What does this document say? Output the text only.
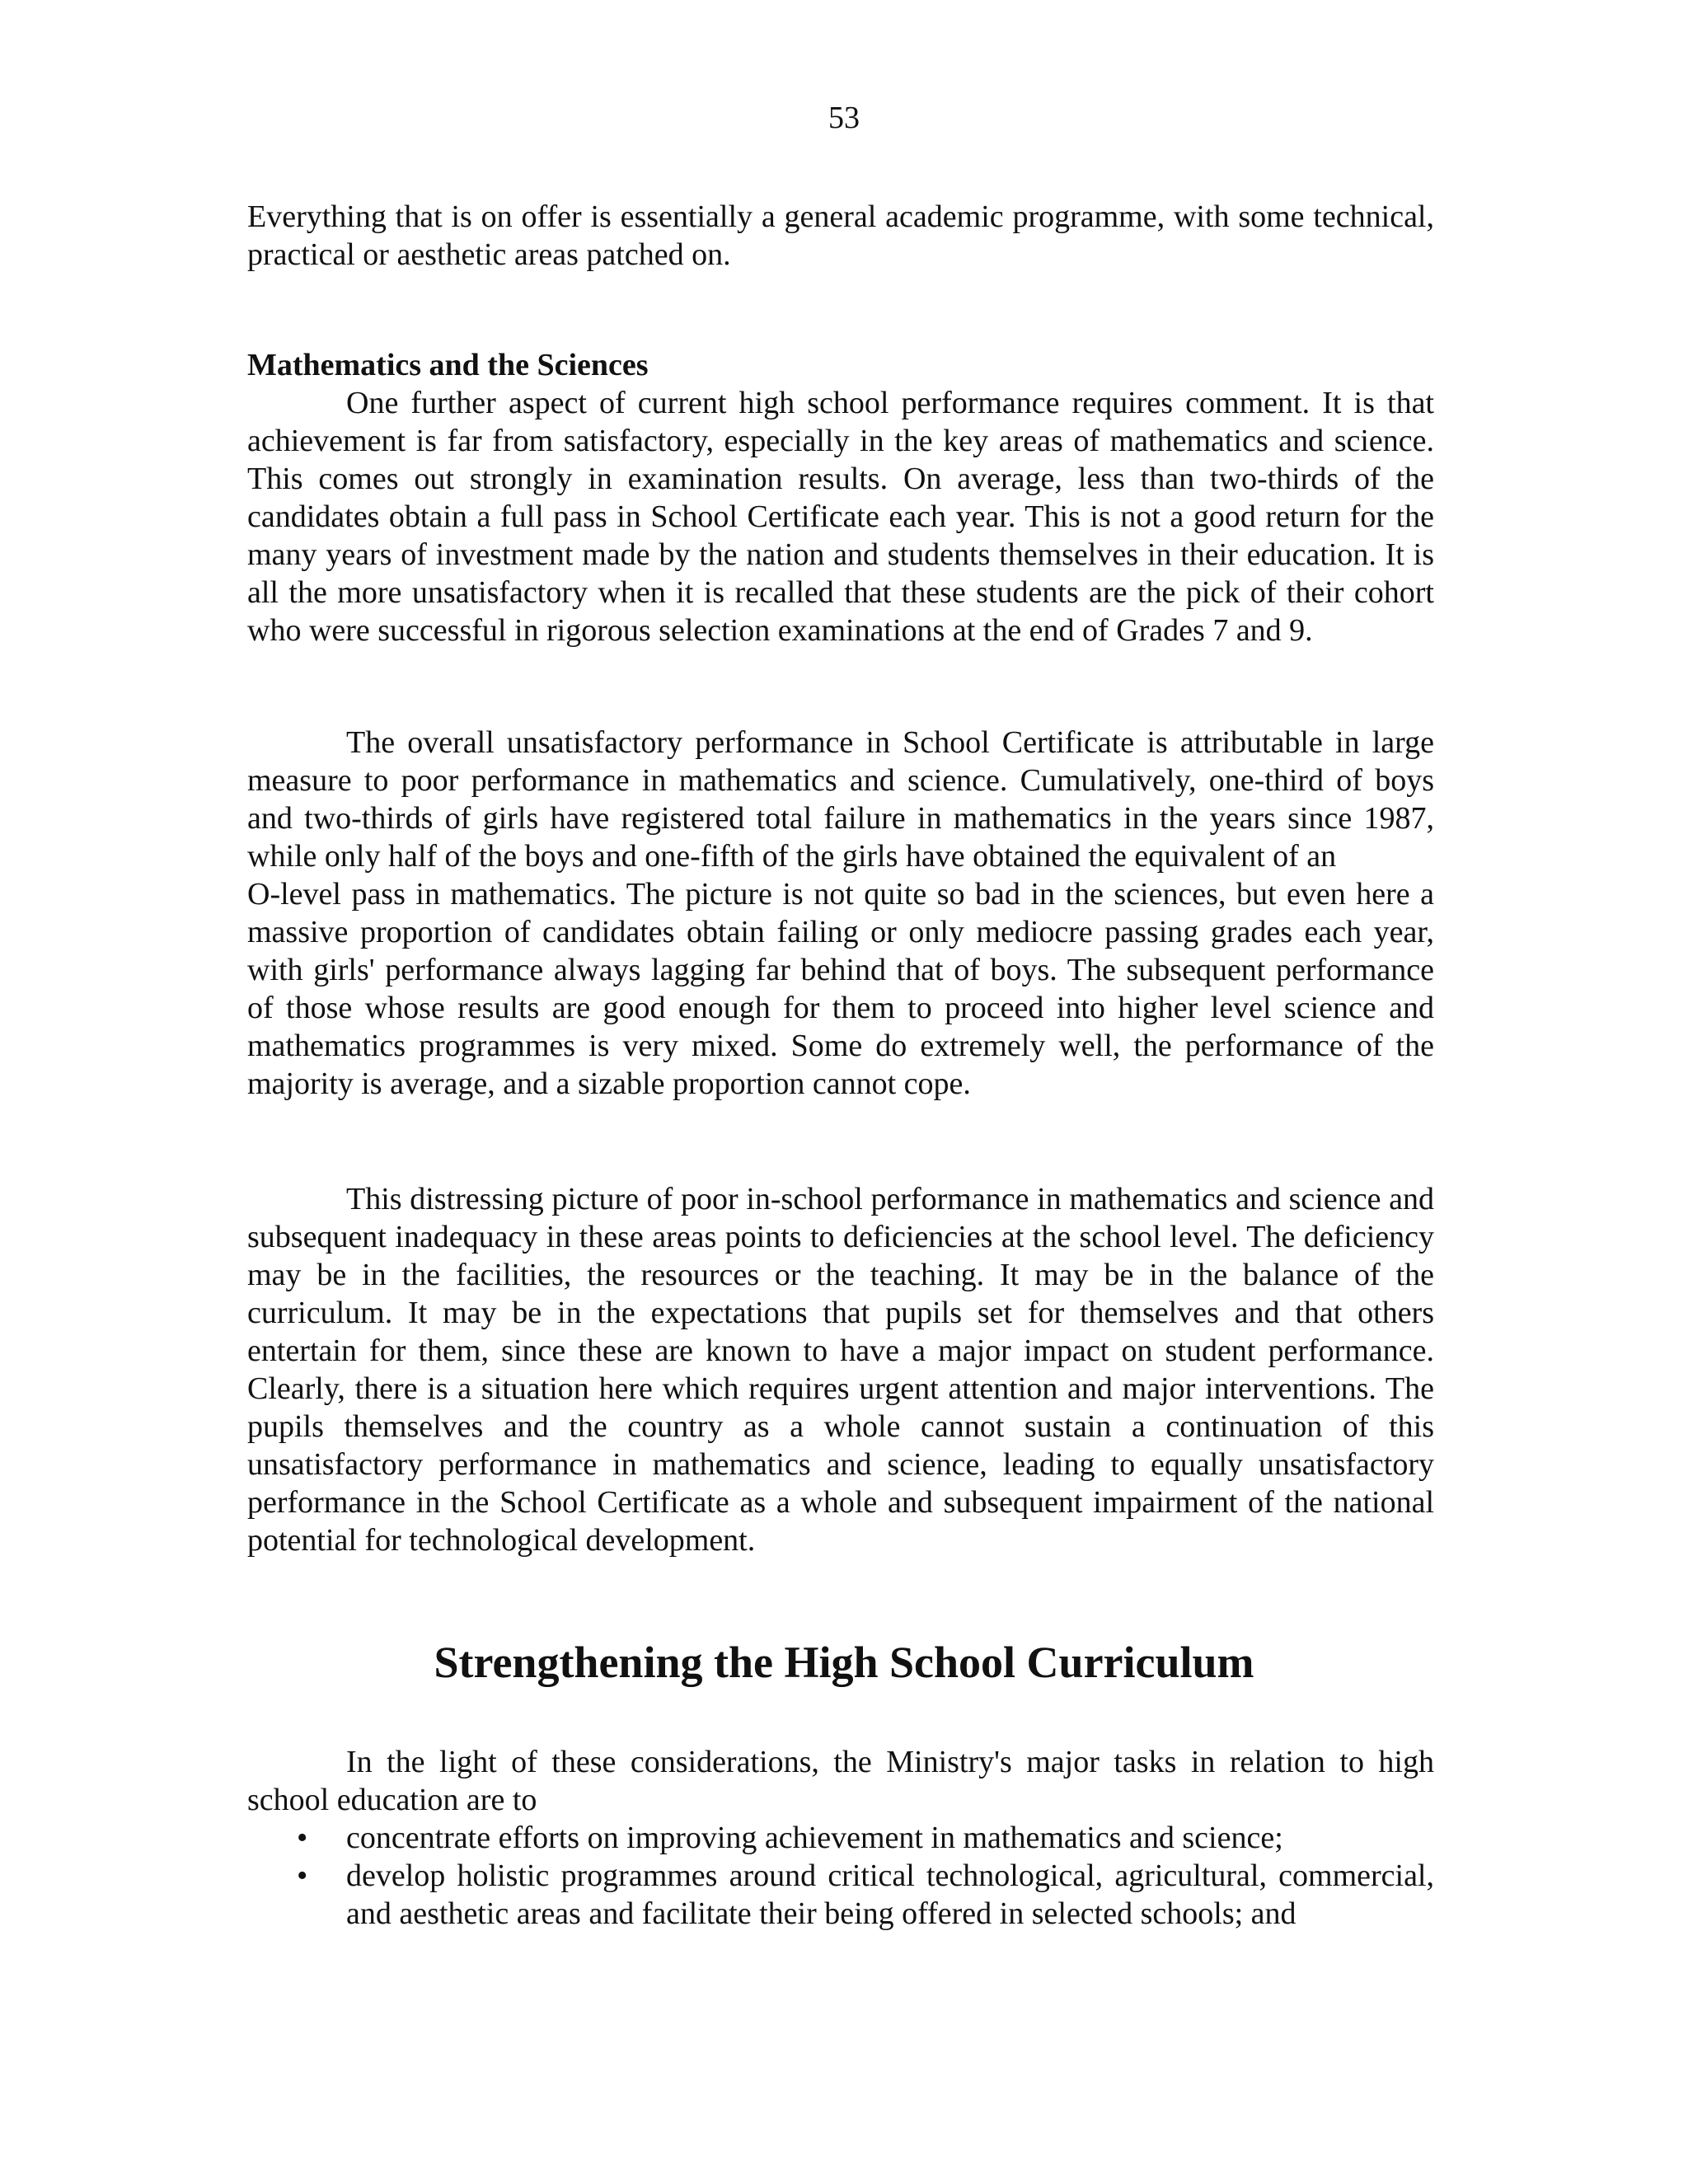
53

Everything that is on offer is essentially a general academic programme, with some technical, practical or aesthetic areas patched on.

Mathematics and the Sciences

One further aspect of current high school performance requires comment. It is that achievement is far from satisfactory, especially in the key areas of mathematics and science. This comes out strongly in examination results. On average, less than two-thirds of the candidates obtain a full pass in School Certificate each year. This is not a good return for the many years of investment made by the nation and students themselves in their education. It is all the more unsatisfactory when it is recalled that these students are the pick of their cohort who were successful in rigorous selection examinations at the end of Grades 7 and 9.

The overall unsatisfactory performance in School Certificate is attributable in large measure to poor performance in mathematics and science. Cumulatively, one-third of boys and two-thirds of girls have registered total failure in mathematics in the years since 1987, while only half of the boys and one-fifth of the girls have obtained the equivalent of an

O-level pass in mathematics. The picture is not quite so bad in the sciences, but even here a massive proportion of candidates obtain failing or only mediocre passing grades each year, with girls' performance always lagging far behind that of boys. The subsequent performance of those whose results are good enough for them to proceed into higher level science and mathematics programmes is very mixed. Some do extremely well, the performance of the majority is average, and a sizable proportion cannot cope.

This distressing picture of poor in-school performance in mathematics and science and subsequent inadequacy in these areas points to deficiencies at the school level. The deficiency may be in the facilities, the resources or the teaching. It may be in the balance of the curriculum. It may be in the expectations that pupils set for themselves and that others entertain for them, since these are known to have a major impact on student performance. Clearly, there is a situation here which requires urgent attention and major interventions. The pupils themselves and the country as a whole cannot sustain a continuation of this unsatisfactory performance in mathematics and science, leading to equally unsatisfactory performance in the School Certificate as a whole and subsequent impairment of the national potential for technological development.

Strengthening the High School Curriculum

In the light of these considerations, the Ministry's major tasks in relation to high school education are to

• concentrate efforts on improving achievement in mathematics and science;
• develop holistic programmes around critical technological, agricultural, commercial, and aesthetic areas and facilitate their being offered in selected schools; and
